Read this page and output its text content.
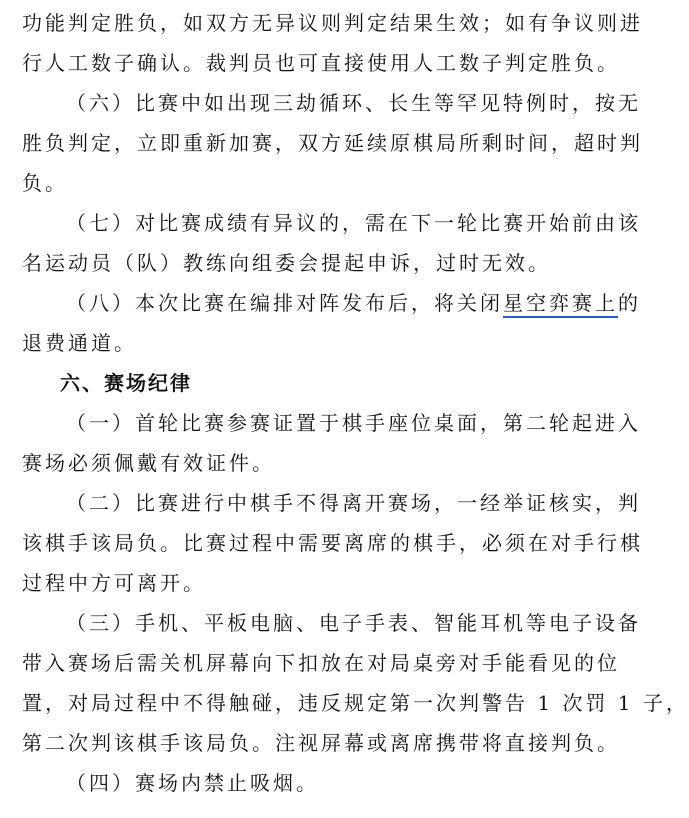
功能判定胜负，如双方无异议则判定结果生效；如有争议则进
行人工数子确认。裁判员也可直接使用人工数子判定胜负。
（六）比赛中如出现三劫循环、长生等罕见特例时，按无
胜负判定，立即重新加赛，双方延续原棋局所剩时间，超时判
负。
（七）对比赛成绩有异议的，需在下一轮比赛开始前由该
名运动员（队）教练向组委会提起申诉，过时无效。
（八）本次比赛在编排对阵发布后，将关闭星空弈赛上的
退费通道。
六、赛场纪律
（一）首轮比赛参赛证置于棋手座位桌面，第二轮起进入
赛场必须佩戴有效证件。
（二）比赛进行中棋手不得离开赛场，一经举证核实，判
该棋手该局负。比赛过程中需要离席的棋手，必须在对手行棋
过程中方可离开。
（三）手机、平板电脑、电子手表、智能耳机等电子设备
带入赛场后需关机屏幕向下扣放在对局桌旁对手能看见的位
置，对局过程中不得触碰，违反规定第一次判警告 1 次罚 1 子，
第二次判该棋手该局负。注视屏幕或离席携带将直接判负。
（四）赛场内禁止吸烟。
